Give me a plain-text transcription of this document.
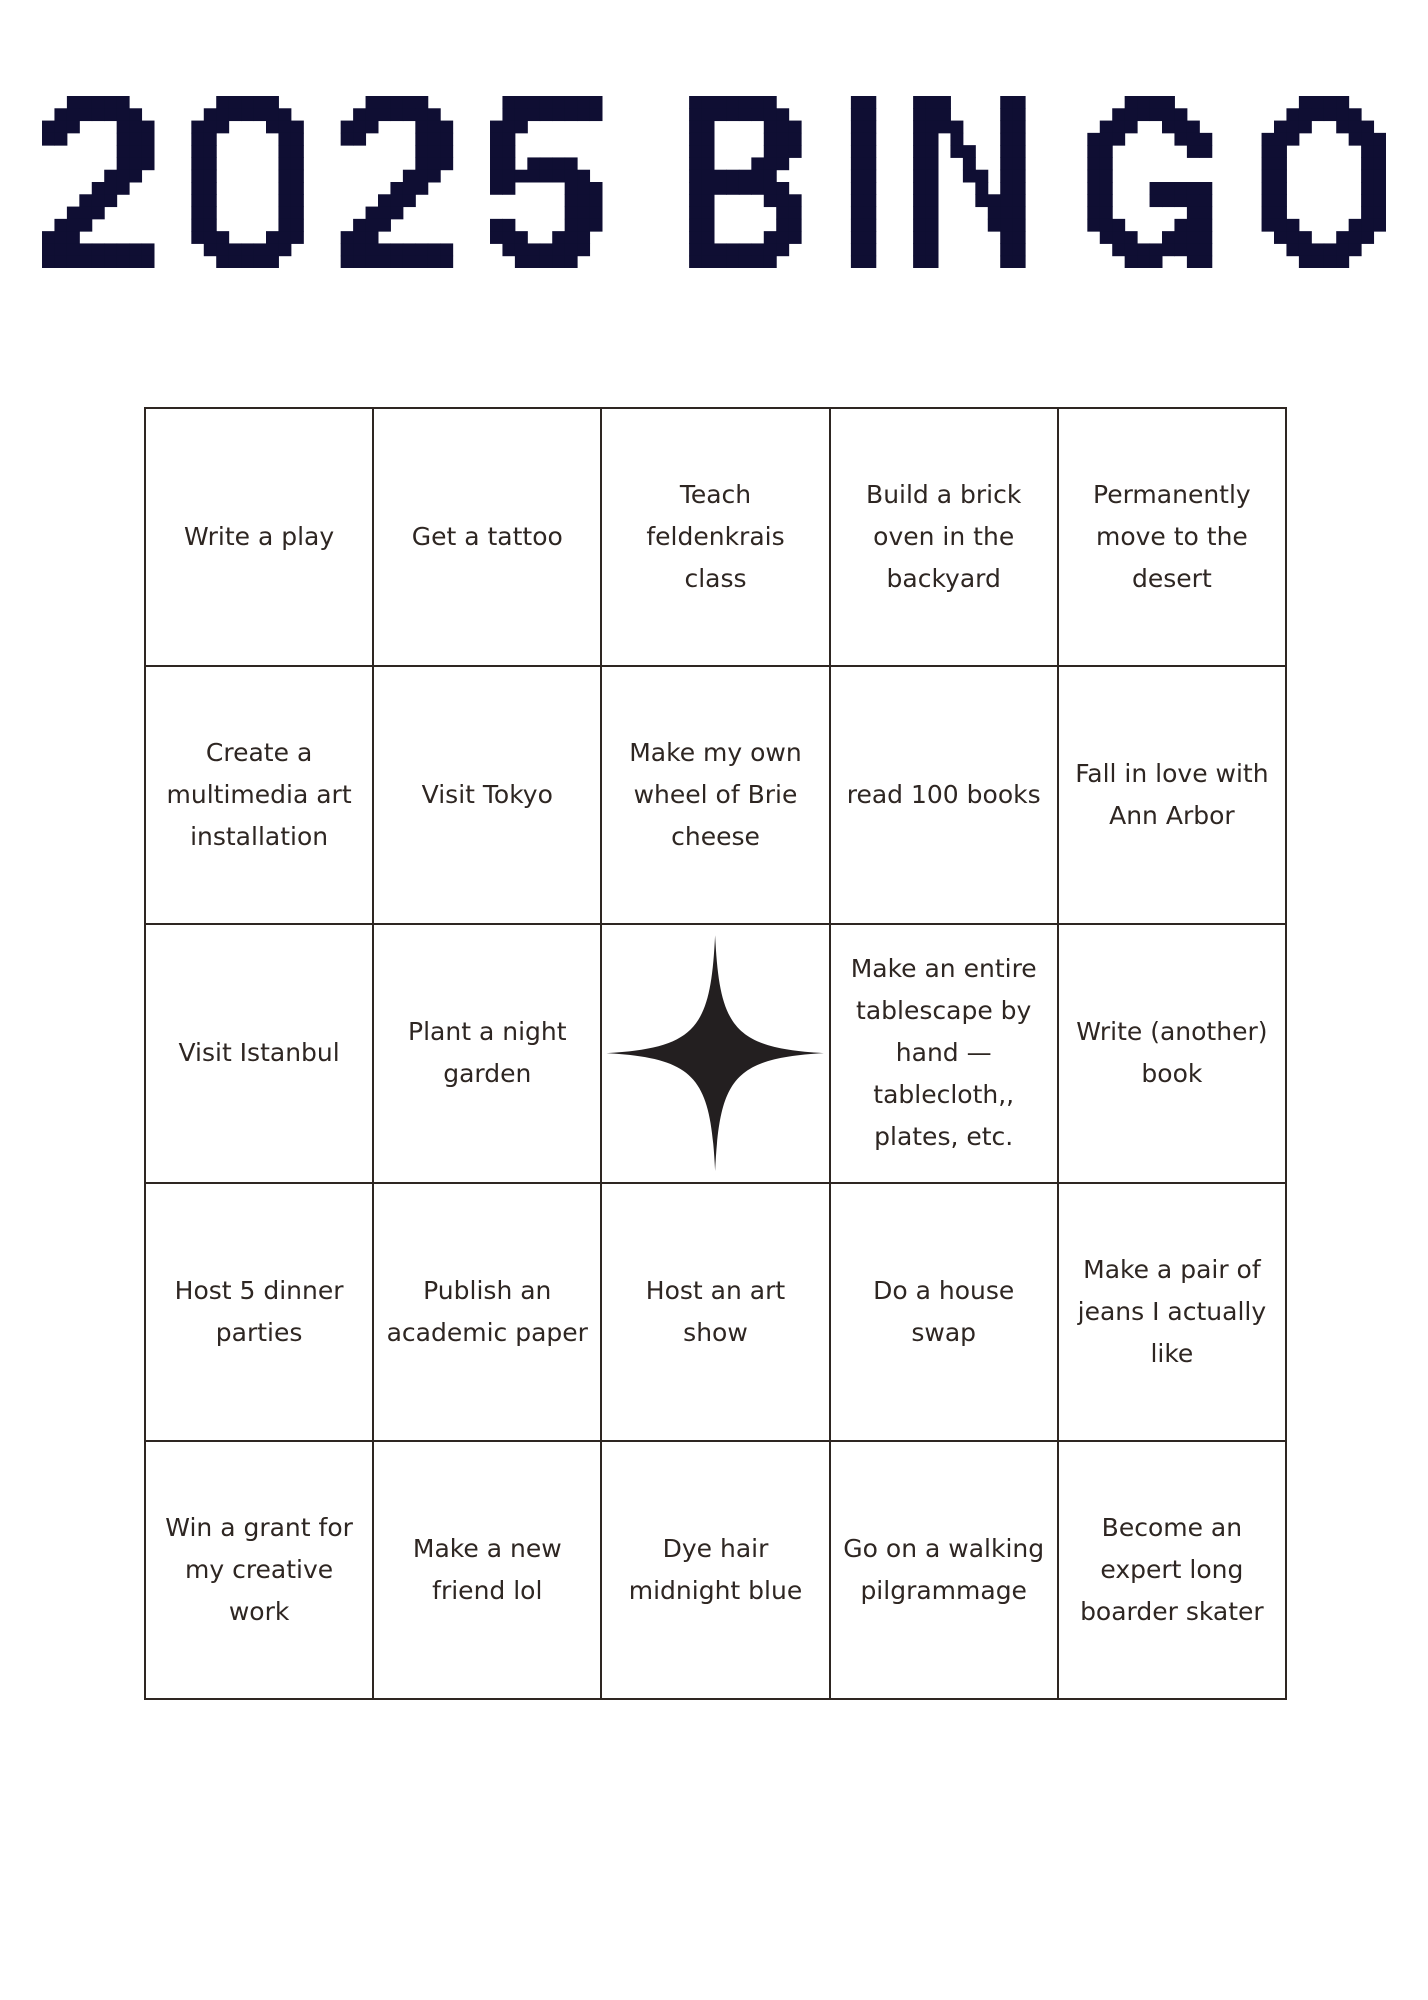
Write a play	Get a tattoo
Teach feldenkrais class
Build a brick oven in the backyard
Permanently move to the desert
Create a multimedia art installation
Visit Tokyo
Make my own wheel of Brie cheese
read 100 books
Fall in love with Ann Arbor
Visit Istanbul
Plant a night garden
Make an entire tablescape by hand — tablecloth,, plates, etc.
Write (another) book
Host 5 dinner parties
Publish an academic paper
Host an art show
Do a house swap
Make a pair of jeans I actually like
Win a grant for my creative work
Make a new friend lol
Dye hair midnight blue
Go on a walking pilgrammage
Become an expert long boarder skater
